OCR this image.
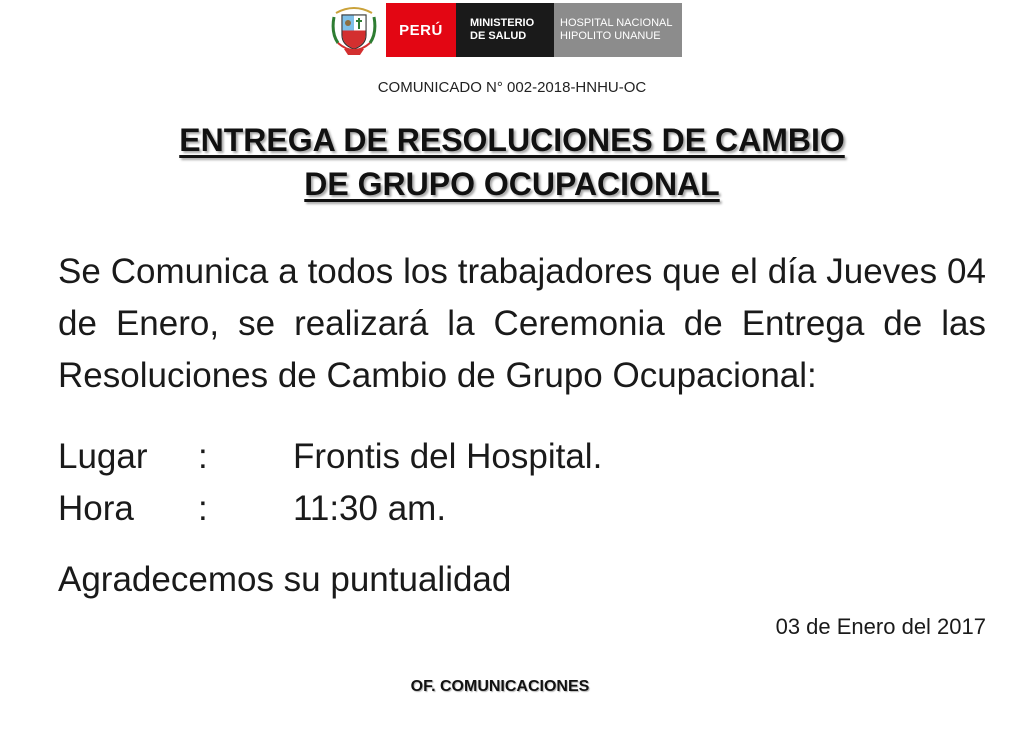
PERÚ MINISTERIO
DE SALUD
HOSPITAL NACIONAL
HIPOLITO UNANUE
COMUNICADO N° 002-2018-HNHU-OC
ENTREGA DE RESOLUCIONES DE CAMBIO
DE GRUPO OCUPACIONAL
Se Comunica a todos los trabajadores que el día Jueves 04 de Enero, se realizará la Ceremonia de Entrega de las Resoluciones de Cambio de Grupo Ocupacional:
Lugar : Frontis del Hospital.
Hora : 11:30 am.
Agradecemos su puntualidad
03 de Enero del 2017
OF. COMUNICACIONES
